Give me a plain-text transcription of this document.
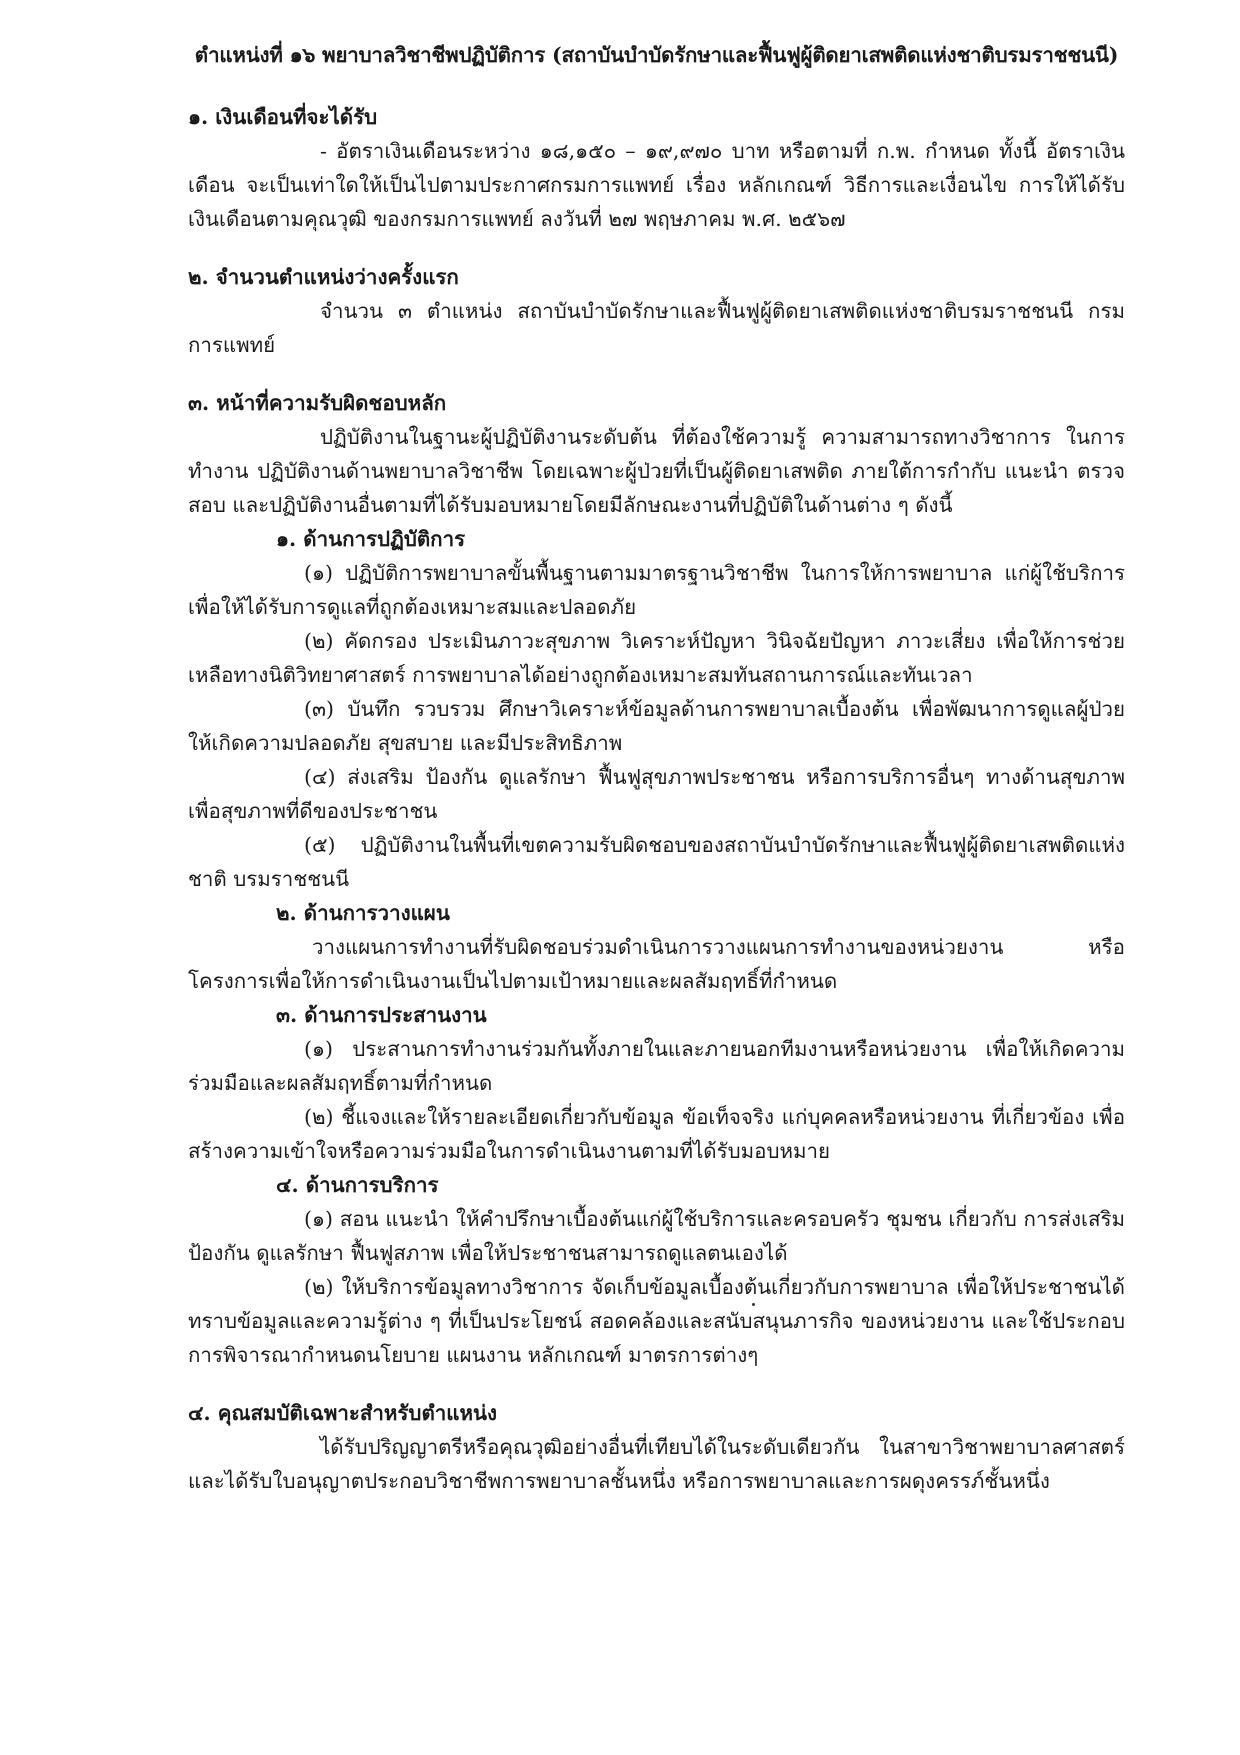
ตำแหน่งที่ ๑๖ พยาบาลวิชาชีพปฏิบัติการ (สถาบันบำบัดรักษาและฟื้นฟูผู้ติดยาเสพติดแห่งชาติบรมราชชนนี)
๑. เงินเดือนที่จะได้รับ

- อัตราเงินเดือนระหว่าง ๑๘,๑๕๐ – ๑๙,๙๗๐ บาท หรือตามที่ ก.พ. กำหนด ทั้งนี้ อัตราเงินเดือน จะเป็นเท่าใดให้เป็นไปตามประกาศกรมการแพทย์ เรื่อง หลักเกณฑ์ วิธีการและเงื่อนไข การให้ได้รับเงินเดือนตามคุณวุฒิ ของกรมการแพทย์ ลงวันที่ ๒๗ พฤษภาคม พ.ศ. ๒๕๖๗

๒. จำนวนตำแหน่งว่างครั้งแรก

จำนวน ๓ ตำแหน่ง สถาบันบำบัดรักษาและฟื้นฟูผู้ติดยาเสพติดแห่งชาติบรมราชชนนี กรมการแพทย์

๓. หน้าที่ความรับผิดชอบหลัก

ปฏิบัติงานในฐานะผู้ปฏิบัติงานระดับต้น ที่ต้องใช้ความรู้ ความสามารถทางวิชาการ ในการทำงาน ปฏิบัติงานด้านพยาบาลวิชาชีพ โดยเฉพาะผู้ป่วยที่เป็นผู้ติดยาเสพติด ภายใต้การกำกับ แนะนำ ตรวจสอบ และปฏิบัติงานอื่นตามที่ได้รับมอบหมายโดยมีลักษณะงานที่ปฏิบัติในด้านต่าง ๆ ดังนี้

๑. ด้านการปฏิบัติการ

(๑) ปฏิบัติการพยาบาลขั้นพื้นฐานตามมาตรฐานวิชาชีพ ในการให้การพยาบาล แก่ผู้ใช้บริการเพื่อให้ได้รับการดูแลที่ถูกต้องเหมาะสมและปลอดภัย

(๒) คัดกรอง ประเมินภาวะสุขภาพ วิเคราะห์ปัญหา วินิจฉัยปัญหา ภาวะเสี่ยง เพื่อให้การช่วยเหลือทางนิติวิทยาศาสตร์ การพยาบาลได้อย่างถูกต้องเหมาะสมทันสถานการณ์และทันเวลา

(๓) บันทึก รวบรวม ศึกษาวิเคราะห์ข้อมูลด้านการพยาบาลเบื้องต้น เพื่อพัฒนาการดูแลผู้ป่วย ให้เกิดความปลอดภัย สุขสบาย และมีประสิทธิภาพ

(๔) ส่งเสริม ป้องกัน ดูแลรักษา ฟื้นฟูสุขภาพประชาชน หรือการบริการอื่นๆ ทางด้านสุขภาพ เพื่อสุขภาพที่ดีของประชาชน

(๕) ปฏิบัติงานในพื้นที่เขตความรับผิดชอบของสถาบันบำบัดรักษาและฟื้นฟูผู้ติดยาเสพติดแห่งชาติ บรมราชชนนี

๒. ด้านการวางแผน

วางแผนการทำงานที่รับผิดชอบร่วมดำเนินการวางแผนการทำงานของหน่วยงาน หรือโครงการเพื่อให้การดำเนินงานเป็นไปตามเป้าหมายและผลสัมฤทธิ์ที่กำหนด

๓. ด้านการประสานงาน

(๑) ประสานการทำงานร่วมกันทั้งภายในและภายนอกทีมงานหรือหน่วยงาน เพื่อให้เกิดความร่วมมือและผลสัมฤทธิ์ตามที่กำหนด

(๒) ชี้แจงและให้รายละเอียดเกี่ยวกับข้อมูล ข้อเท็จจริง แก่บุคคลหรือหน่วยงาน ที่เกี่ยวข้อง เพื่อสร้างความเข้าใจหรือความร่วมมือในการดำเนินงานตามที่ได้รับมอบหมาย

๔. ด้านการบริการ

(๑) สอน แนะนำ ให้คำปรึกษาเบื้องต้นแก่ผู้ใช้บริการและครอบครัว ชุมชน เกี่ยวกับ การส่งเสริม ป้องกัน ดูแลรักษา ฟื้นฟูสภาพ เพื่อให้ประชาชนสามารถดูแลตนเองได้

(๒) ให้บริการข้อมูลทางวิชาการ จัดเก็บข้อมูลเบื้องต้นเกี่ยวกับการพยาบาล เพื่อให้ประชาชนได้ทราบข้อมูลและความรู้ต่าง ๆ ที่เป็นประโยชน์ สอดคล้องและสนับสนุนภารกิจ ของหน่วยงาน และใช้ประกอบการพิจารณากำหนดนโยบาย แผนงาน หลักเกณฑ์ มาตรการต่างๆ

๔. คุณสมบัติเฉพาะสำหรับตำแหน่ง

ได้รับปริญญาตรีหรือคุณวุฒิอย่างอื่นที่เทียบได้ในระดับเดียวกัน ในสาขาวิชาพยาบาลศาสตร์ และได้รับใบอนุญาตประกอบวิชาชีพการพยาบาลชั้นหนึ่ง หรือการพยาบาลและการผดุงครรภ์ชั้นหนึ่ง
